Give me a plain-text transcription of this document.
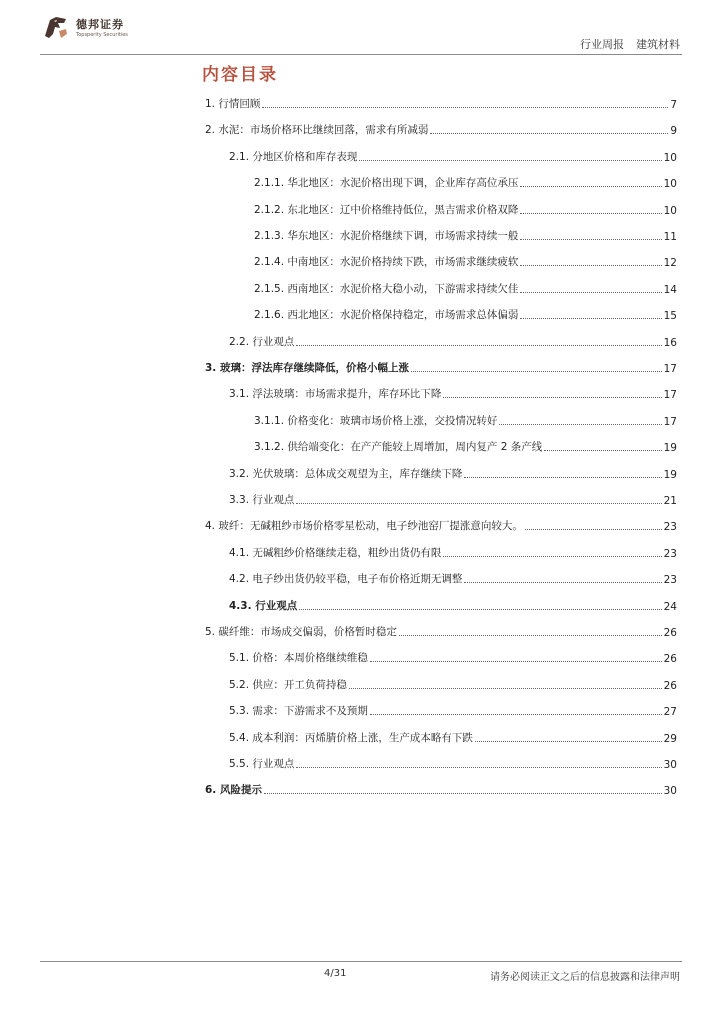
德邦证券
Topsperity Securities
行业周报 建筑材料
内容目录
1. 行情回顾	7
2. 水泥：市场价格环比继续回落，需求有所减弱	9
2.1. 分地区价格和库存表现	10
2.1.1. 华北地区：水泥价格出现下调，企业库存高位承压	10
2.1.2. 东北地区：辽中价格维持低位，黑吉需求价格双降	10
2.1.3. 华东地区：水泥价格继续下调，市场需求持续一般	11
2.1.4. 中南地区：水泥价格持续下跌，市场需求继续疲软	12
2.1.5. 西南地区：水泥价格大稳小动，下游需求持续欠佳	14
2.1.6. 西北地区：水泥价格保持稳定，市场需求总体偏弱	15
2.2. 行业观点	16
3. 玻璃：浮法库存继续降低，价格小幅上涨	17
3.1. 浮法玻璃：市场需求提升，库存环比下降	17
3.1.1. 价格变化：玻璃市场价格上涨，交投情况转好	17
3.1.2. 供给端变化：在产产能较上周增加，周内复产 2 条产线	19
3.2. 光伏玻璃：总体成交观望为主，库存继续下降	19
3.3. 行业观点	21
4. 玻纤：无碱粗纱市场价格零星松动，电子纱池窑厂提涨意向较大。	23
4.1. 无碱粗纱价格继续走稳，粗纱出货仍有限	23
4.2. 电子纱出货仍较平稳，电子布价格近期无调整	23
4.3. 行业观点	24
5. 碳纤维：市场成交偏弱，价格暂时稳定	26
5.1. 价格：本周价格继续维稳	26
5.2. 供应：开工负荷持稳	26
5.3. 需求：下游需求不及预期	27
5.4. 成本利润：丙烯腈价格上涨，生产成本略有下跌	29
5.5. 行业观点	30
6. 风险提示	30
4/31	请务必阅读正文之后的信息披露和法律声明
